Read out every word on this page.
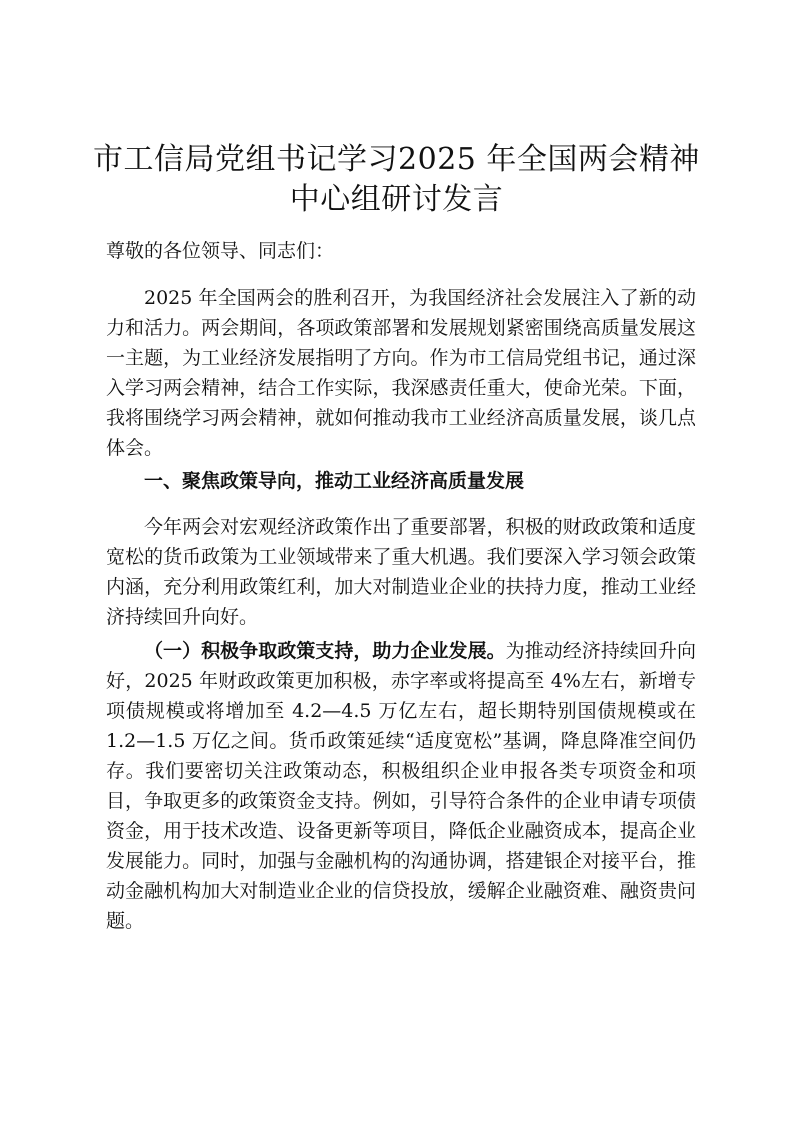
市工信局党组书记学习2025 年全国两会精神
中心组研讨发言
尊敬的各位领导、同志们：

2025 年全国两会的胜利召开，为我国经济社会发展注入了新的动力和活力。两会期间，各项政策部署和发展规划紧密围绕高质量发展这一主题，为工业经济发展指明了方向。作为市工信局党组书记，通过深入学习两会精神，结合工作实际，我深感责任重大，使命光荣。下面，我将围绕学习两会精神，就如何推动我市工业经济高质量发展，谈几点体会。

一、聚焦政策导向，推动工业经济高质量发展

今年两会对宏观经济政策作出了重要部署，积极的财政政策和适度宽松的货币政策为工业领域带来了重大机遇。我们要深入学习领会政策内涵，充分利用政策红利，加大对制造业企业的扶持力度，推动工业经济持续回升向好。

（一）积极争取政策支持，助力企业发展。为推动经济持续回升向好，2025 年财政政策更加积极，赤字率或将提高至 4%左右，新增专项债规模或将增加至 4.2—4.5 万亿左右，超长期特别国债规模或在 1.2—1.5 万亿之间。货币政策延续“适度宽松”基调，降息降准空间仍存。我们要密切关注政策动态，积极组织企业申报各类专项资金和项目，争取更多的政策资金支持。例如，引导符合条件的企业申请专项债资金，用于技术改造、设备更新等项目，降低企业融资成本，提高企业发展能力。同时，加强与金融机构的沟通协调，搭建银企对接平台，推动金融机构加大对制造业企业的信贷投放，缓解企业融资难、融资贵问题。
